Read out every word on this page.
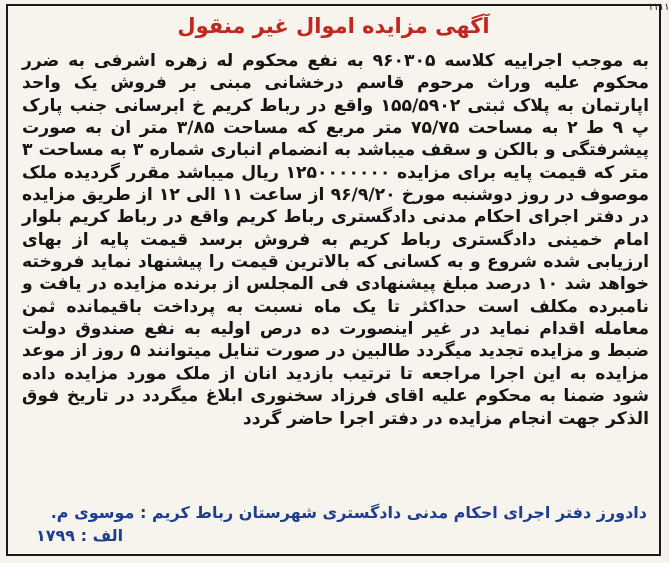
۱۱۱۱
آگهی مزایده اموال غیر منقول
به موجب اجراییه کلاسه ۹۶۰۳۰۵ به نفع محکوم له زهره اشرفی به ضرر محکوم علیه وراث مرحوم قاسم درخشانی مبنی بر فروش یک واحد اپارتمان به پلاک ثبتی ۱۵۵/۵۹۰۲ واقع در رباط کریم خ ابرسانی جنب پارک پ ۹ ط ۲ به مساحت ۷۵/۷۵ متر مربع که مساحت ۳/۸۵ متر ان به صورت پیشرفتگی و بالکن و سقف میباشد به انضمام انباری شماره ۳ به مساحت ۳ متر که قیمت پایه برای مزایده ۱۲۵۰۰۰۰۰۰۰ ریال میباشد مقرر گردیده ملک موصوف در روز دوشنبه مورخ ۹۶/۹/۲۰ از ساعت ۱۱ الی ۱۲ از طریق مزایده در دفتر اجرای احکام مدنی دادگستری رباط کریم واقع در رباط کریم بلوار امام خمینی دادگستری رباط کریم به فروش برسد قیمت پایه از بهای ارزیابی شده شروع و به کسانی که بالاترین قیمت را پیشنهاد نماید فروخته خواهد شد ۱۰ درصد مبلغ پیشنهادی فی المجلس از برنده مزایده در یافت و نامبرده مکلف است حداکثر تا یک ماه نسبت به پرداخت باقیمانده ثمن معامله اقدام نماید در غیر اینصورت ده درص اولیه به نفع صندوق دولت ضبط و مزایده تجدید میگردد طالبین در صورت تنایل میتوانند ۵ روز از موعد مزایده به این اجرا مراجعه تا ترتیب بازدید انان از ملک مورد مزایده داده شود ضمنا به محکوم علیه اقای فرزاد سخنوری ابلاغ میگردد در تاریخ فوق الذکر جهت انجام مزایده در دفتر اجرا حاضر گردد
دادورز دفتر اجرای احکام مدنی دادگستری شهرستان رباط کریم : موسوی م.
الف : ۱۷۹۹
